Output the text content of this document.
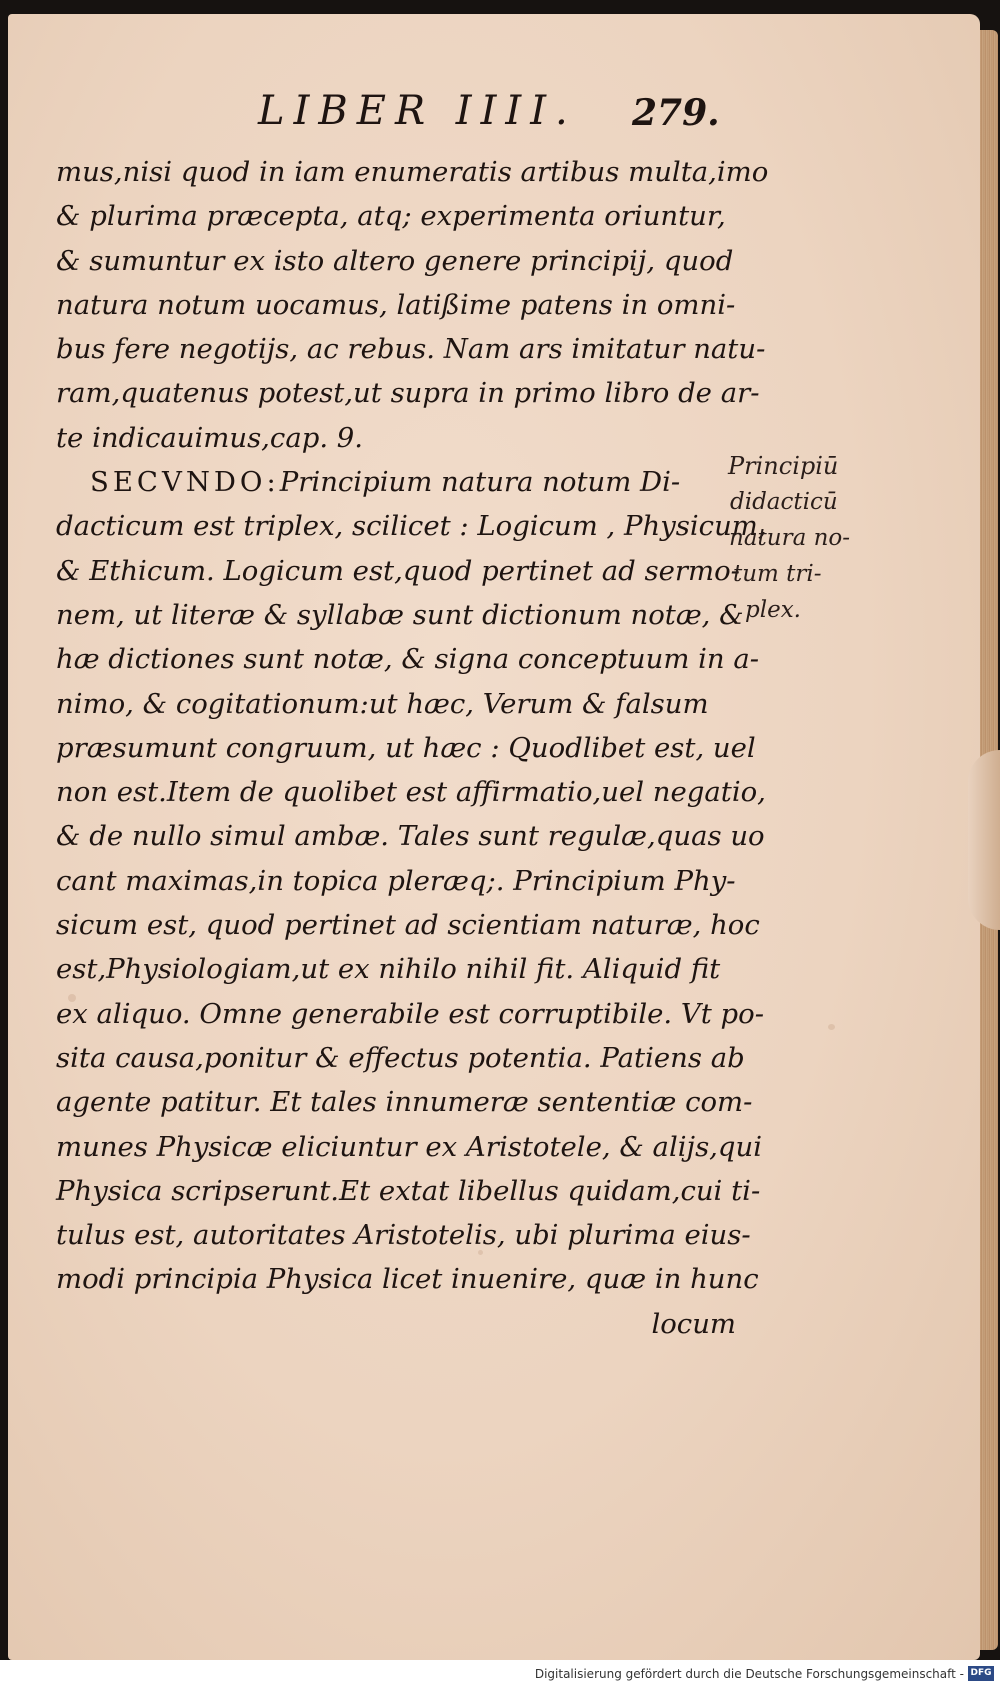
LIBER IIII. 279.
mus,nisi quod in iam enumeratis artibus multa,imo
& plurima præcepta, atq; experimenta oriuntur,
& sumuntur ex isto altero genere principij, quod
natura notum uocamus, latißime patens in omni-
bus fere negotijs, ac rebus. Nam ars imitatur natu-
ram,quatenus potest,ut supra in primo libro de ar-
te indicauimus,cap. 9.
SECVNDO:Principium natura notum Di-
dacticum est triplex, scilicet : Logicum , Physicum,
& Ethicum. Logicum est,quod pertinet ad sermo-
nem, ut literæ & syllabæ sunt dictionum notæ, &
hæ dictiones sunt notæ, & signa conceptuum in a-
nimo, & cogitationum:ut hæc, Verum & falsum
præsumunt congruum, ut hæc : Quodlibet est, uel
non est.Item de quolibet est affirmatio,uel negatio,
& de nullo simul ambæ. Tales sunt regulæ,quas uo
cant maximas,in topica pleræq;. Principium Phy-
sicum est, quod pertinet ad scientiam naturæ, hoc
est,Physiologiam,ut ex nihilo nihil fit. Aliquid fit
ex aliquo. Omne generabile est corruptibile. Vt po-
sita causa,ponitur & effectus potentia. Patiens ab
agente patitur. Et tales innumeræ sententiæ com-
munes Physicæ eliciuntur ex Aristotele, & alijs,qui
Physica scripserunt.Et extat libellus quidam,cui ti-
tulus est, autoritates Aristotelis, ubi plurima eius-
modi principia Physica licet inuenire, quæ in hunc
locum
Principiū
didacticū
natura no-
tum tri-
plex.
Digitalisierung gefördert durch die Deutsche Forschungsgemeinschaft - DFG
